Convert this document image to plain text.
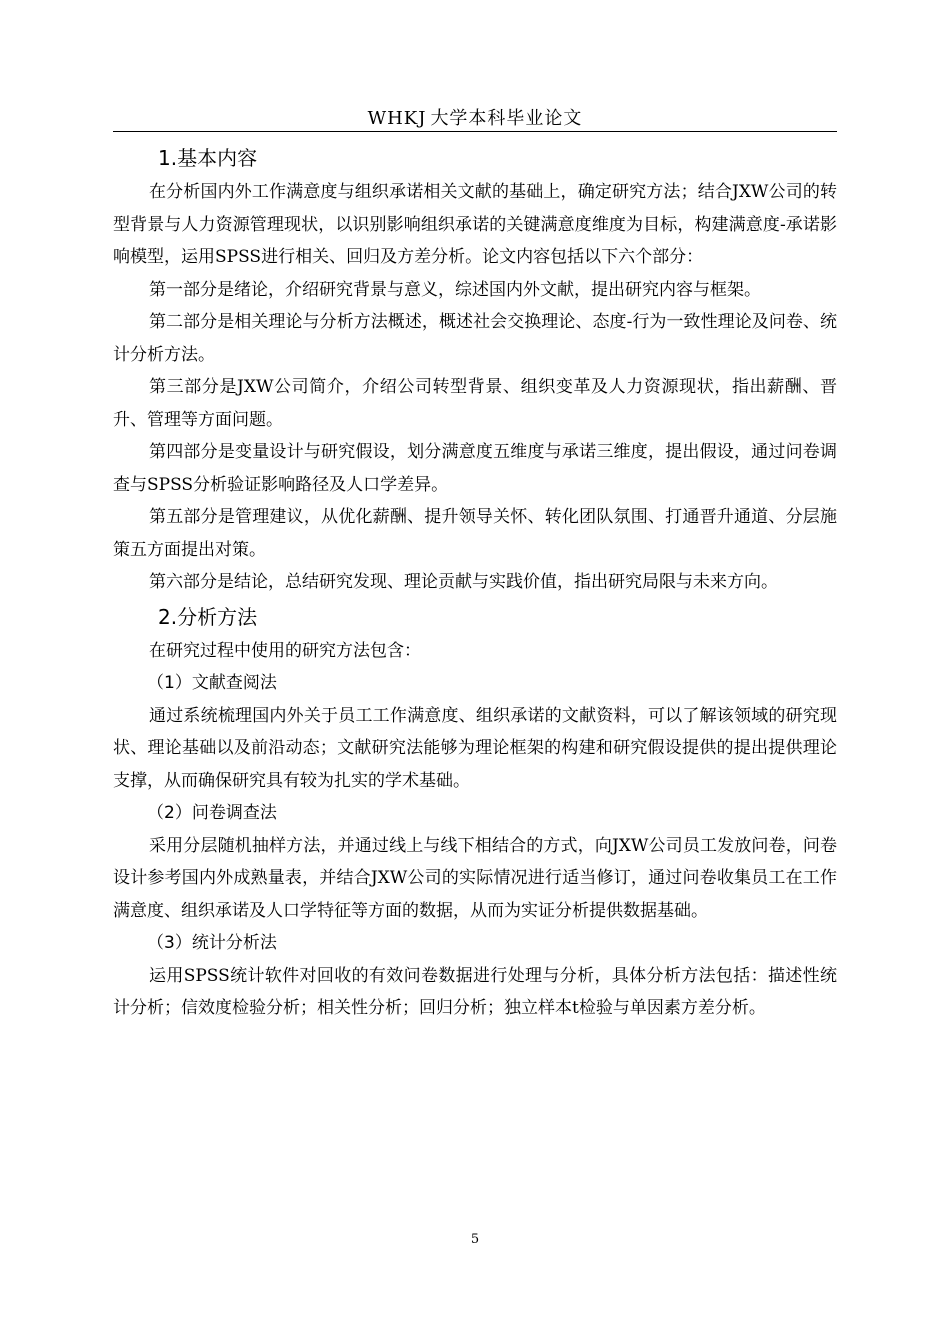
WHKJ 大学本科毕业论文
1.基本内容

在分析国内外工作满意度与组织承诺相关文献的基础上，确定研究方法；结合JXW公司的转型背景与人力资源管理现状，以识别影响组织承诺的关键满意度维度为目标，构建满意度-承诺影响模型，运用SPSS进行相关、回归及方差分析。论文内容包括以下六个部分：

第一部分是绪论，介绍研究背景与意义，综述国内外文献，提出研究内容与框架。

第二部分是相关理论与分析方法概述，概述社会交换理论、态度-行为一致性理论及问卷、统计分析方法。

第三部分是JXW公司简介，介绍公司转型背景、组织变革及人力资源现状，指出薪酬、晋升、管理等方面问题。

第四部分是变量设计与研究假设，划分满意度五维度与承诺三维度，提出假设，通过问卷调查与SPSS分析验证影响路径及人口学差异。

第五部分是管理建议，从优化薪酬、提升领导关怀、转化团队氛围、打通晋升通道、分层施策五方面提出对策。

第六部分是结论，总结研究发现、理论贡献与实践价值，指出研究局限与未来方向。

2.分析方法

在研究过程中使用的研究方法包含：

（1）文献查阅法

通过系统梳理国内外关于员工工作满意度、组织承诺的文献资料，可以了解该领域的研究现状、理论基础以及前沿动态；文献研究法能够为理论框架的构建和研究假设提供的提出提供理论支撑，从而确保研究具有较为扎实的学术基础。

（2）问卷调查法

采用分层随机抽样方法，并通过线上与线下相结合的方式，向JXW公司员工发放问卷，问卷设计参考国内外成熟量表，并结合JXW公司的实际情况进行适当修订，通过问卷收集员工在工作满意度、组织承诺及人口学特征等方面的数据，从而为实证分析提供数据基础。

（3）统计分析法

运用SPSS统计软件对回收的有效问卷数据进行处理与分析，具体分析方法包括：描述性统计分析；信效度检验分析；相关性分析；回归分析；独立样本t检验与单因素方差分析。

5
